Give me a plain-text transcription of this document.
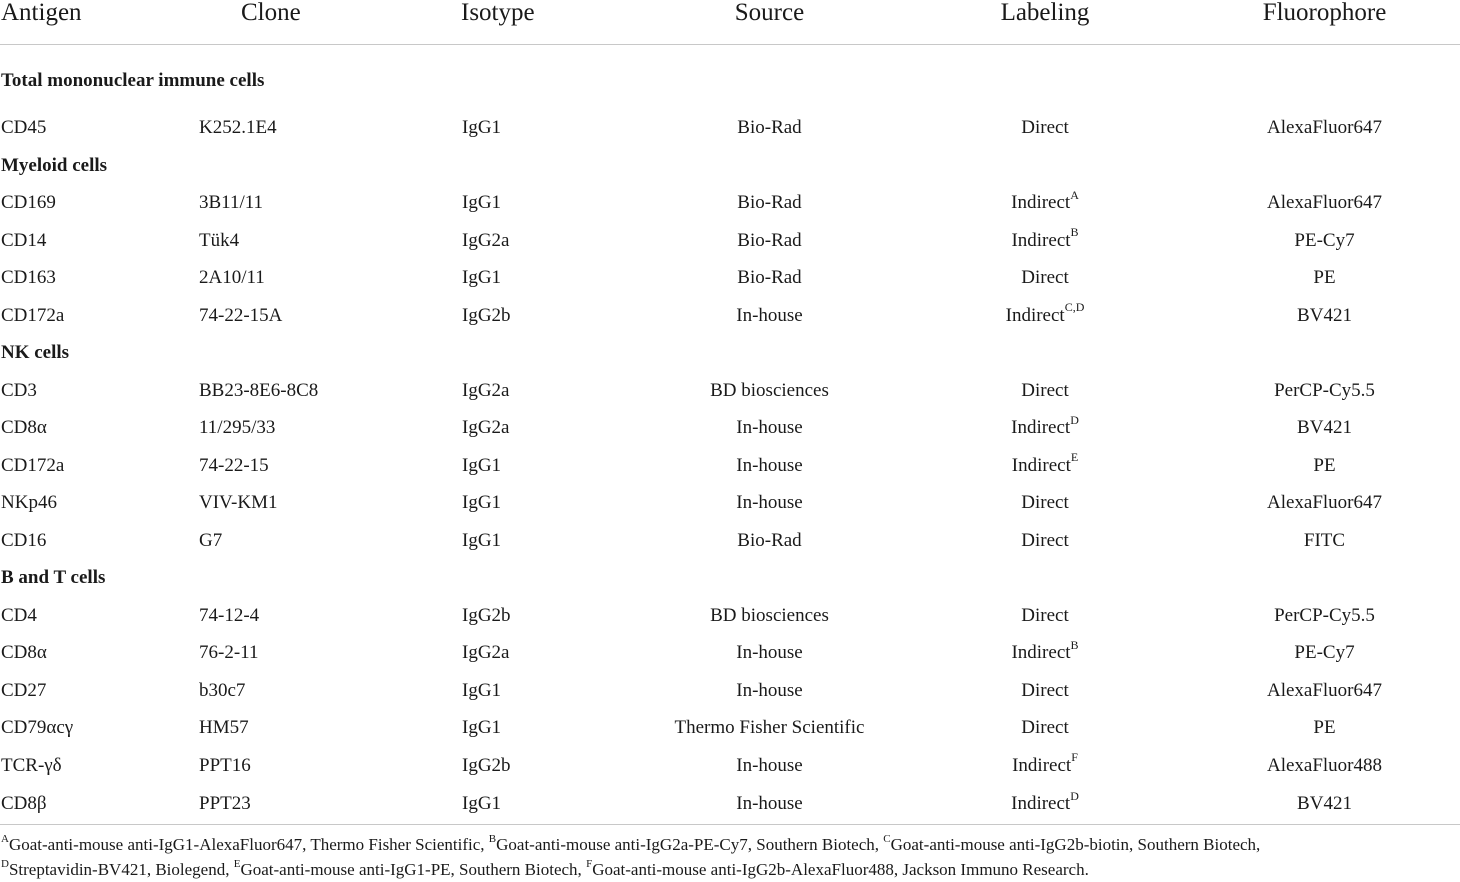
Antigen	Clone	Isotype	Source	Labeling	Fluorophore
Total mononuclear immune cells					
CD45	K252.1E4	IgG1	Bio-Rad	Direct	AlexaFluor647
Myeloid cells					
CD169	3B11/11	IgG1	Bio-Rad	Indirect$^A$	AlexaFluor647
CD14	Tük4	IgG2a	Bio-Rad	Indirect$^B$	PE-Cy7
CD163	2A10/11	IgG1	Bio-Rad	Direct	PE
CD172a	74-22-15A	IgG2b	In-house	Indirect$^{C,D}$	BV421
NK cells					
CD3	BB23-8E6-8C8	IgG2a	BD biosciences	Direct	PerCP-Cy5.5
CD8α	11/295/33	IgG2a	In-house	Indirect$^D$	BV421
CD172a	74-22-15	IgG1	In-house	Indirect$^E$	PE
NKp46	VIV-KM1	IgG1	In-house	Direct	AlexaFluor647
CD16	G7	IgG1	Bio-Rad	Direct	FITC
B and T cells					
CD4	74-12-4	IgG2b	BD biosciences	Direct	PerCP-Cy5.5
CD8α	76-2-11	IgG2a	In-house	Indirect$^B$	PE-Cy7
CD27	b30c7	IgG1	In-house	Direct	AlexaFluor647
CD79αcγ	HM57	IgG1	Thermo Fisher Scientific	Direct	PE
TCR-γδ	PPT16	IgG2b	In-house	Indirect$^F$	AlexaFluor488
CD8β	PPT23	IgG1	In-house	Indirect$^D$	BV421
$^A$Goat-anti-mouse anti-IgG1-AlexaFluor647, Thermo Fisher Scientific, $^B$Goat-anti-mouse anti-IgG2a-PE-Cy7, Southern Biotech, $^C$Goat-anti-mouse anti-IgG2b-biotin, Southern Biotech,
$^D$Streptavidin-BV421, Biolegend, $^E$Goat-anti-mouse anti-IgG1-PE, Southern Biotech, $^F$Goat-anti-mouse anti-IgG2b-AlexaFluor488, Jackson Immuno Research.
